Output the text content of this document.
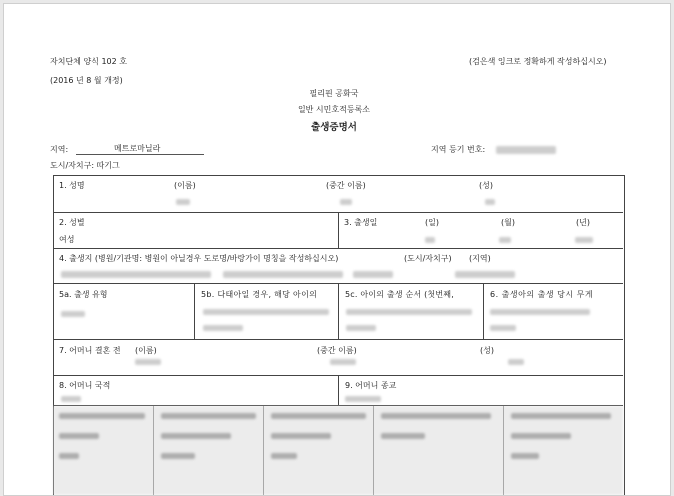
자치단체 양식 102 호
(2016 년 8 월 개정)
(검은색 잉크로 정확하게 작성하십시오)
필리핀 공화국
일반 시민호적등록소
출생증명서
지역:	메트로마닐라	지역 등기 번호:
도시/자치구: 따기그
1. 성명	(이름)	(중간 이름)	(성)
2. 성별
여성
3. 출생일	(일)	(월)	(년)
4. 출생지 (병원/기관명: 병원이 아닐경우 도로명/바랑가이 명칭을 작성하십시오)	(도시/자치구) (지역)
5a. 출생 유형	5b. 다태아일 경우, 해당 아이의	5c. 아이의 출생 순서 (첫번째,	6. 출생아의 출생 당시 무게
7. 어머니 결혼 전 (이름)	(중간 이름)	(성)
8. 어머니 국적	9. 어머니 종교
